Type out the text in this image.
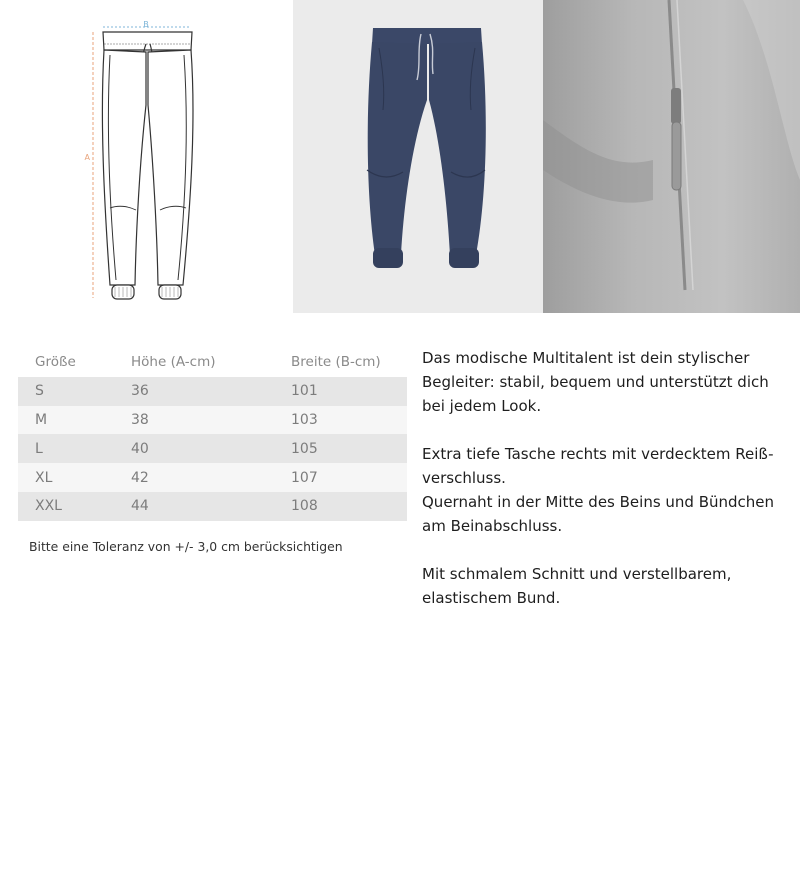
B
A
Größe	Höhe (A-cm)	Breite (B-cm)
S	36	101
M	38	103
L	40	105
XL	42	107
XXL	44	108
Bitte eine Toleranz von +/- 3,0 cm berücksichtigen

Das modische Multitalent ist dein stylischer Begleiter: stabil, bequem und unterstützt dich bei jedem Look.

Extra tiefe Tasche rechts mit verdecktem Reiß-verschluss.
Quernaht in der Mitte des Beins und Bündchen am Beinabschluss.

Mit schmalem Schnitt und verstellbarem, elastischem Bund.
